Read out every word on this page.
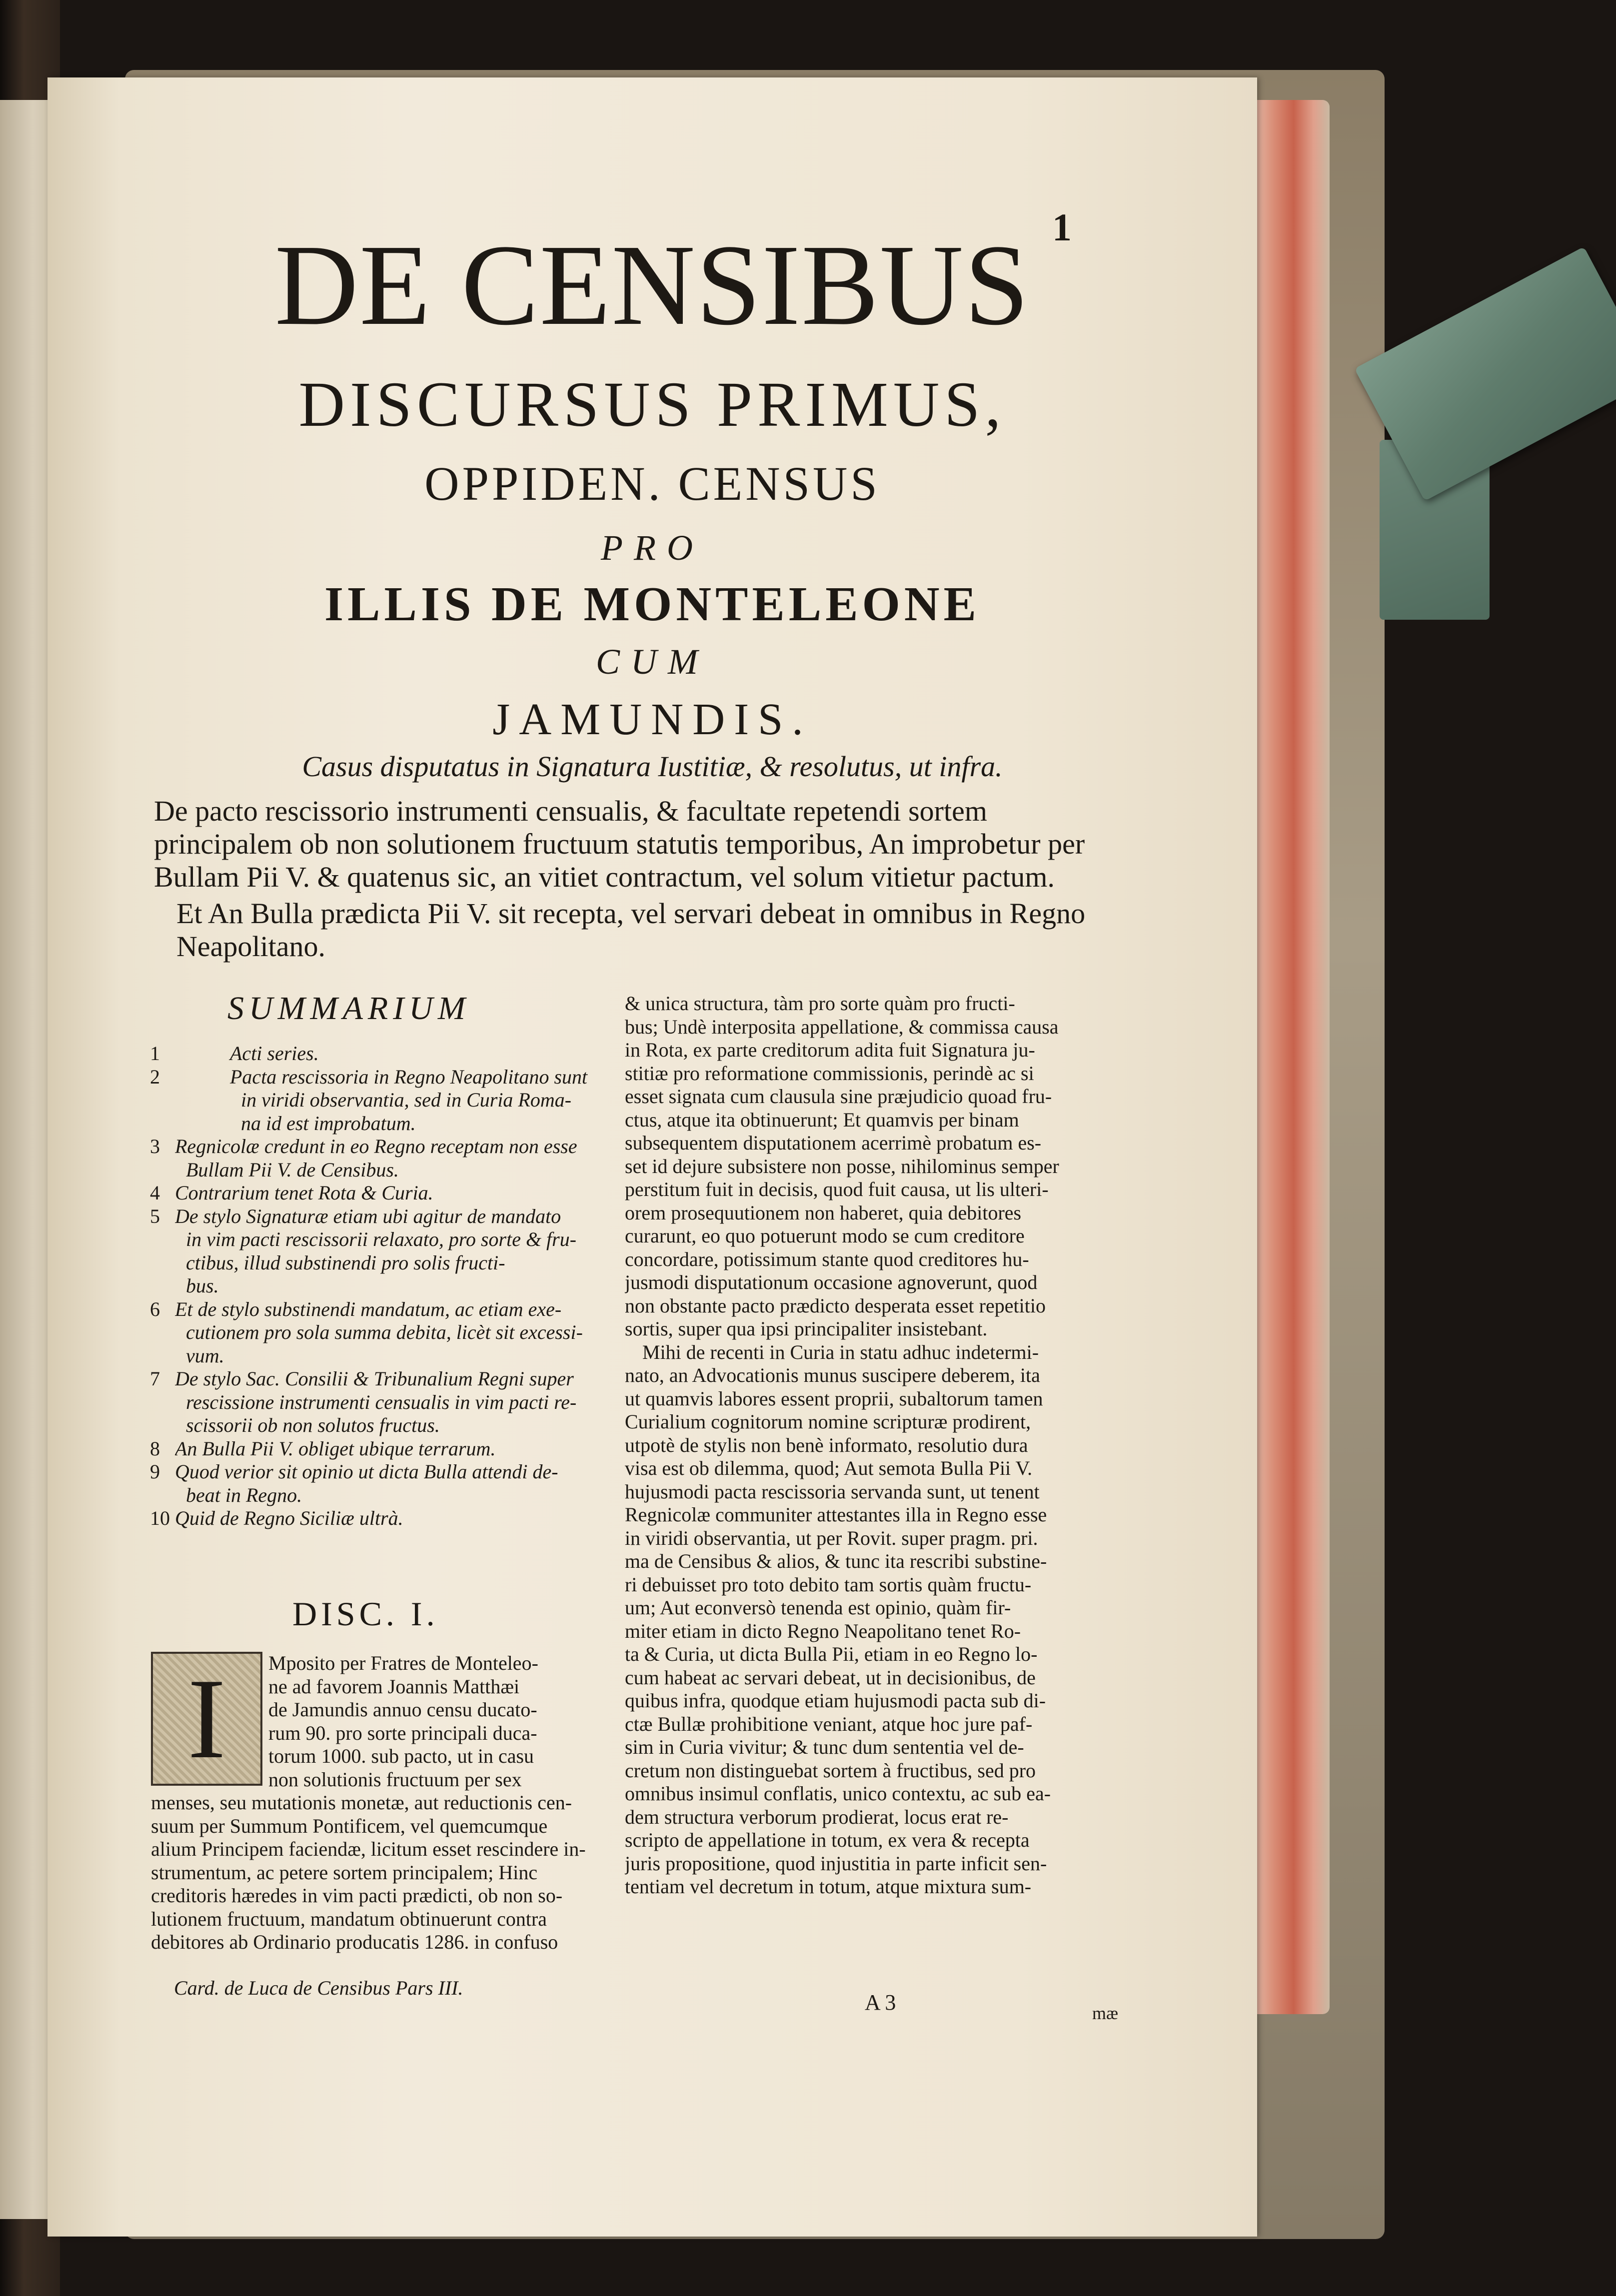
1
DE CENSIBUS
DISCURSUS PRIMUS,
OPPIDEN. CENSUS
PRO
ILLIS DE MONTELEONE
CUM
JAMUNDIS.
Casus disputatus in Signatura Iustitiæ, & resolutus, ut infra.
De pacto rescissorio instrumenti censualis, & facultate repetendi sortem principalem ob non solutionem fructuum statutis temporibus, An improbetur per Bullam Pii V. & quatenus sic, an vitiet contractum, vel solum vitietur pactum.
Et An Bulla prædicta Pii V. sit recepta, vel servari debeat in omnibus in Regno Neapolitano.
SUMMARIUM
1	Acti series.
2	Pacta rescissoria in Regno Neapolitano sunt
in viridi observantia, sed in Curia Roma-
na id est improbatum.
3 Regnicolæ credunt in eo Regno receptam non esse
Bullam Pii V. de Censibus.
4 Contrarium tenet Rota & Curia.
5 De stylo Signaturæ etiam ubi agitur de mandato
in vim pacti rescissorii relaxato, pro sorte & fru-
ctibus, illud substinendi pro solis fructi-
bus.
6 Et de stylo substinendi mandatum, ac etiam exe-
cutionem pro sola summa debita, licèt sit excessi-
vum.
7 De stylo Sac. Consilii & Tribunalium Regni super
rescissione instrumenti censualis in vim pacti re-
scissorii ob non solutos fructus.
8 An Bulla Pii V. obliget ubique terrarum.
9 Quod verior sit opinio ut dicta Bulla attendi de-
beat in Regno.
10 Quid de Regno Siciliæ ultrà.
DISC. I.
Mposito per Fratres de Monteleo-
ne ad favorem Joannis Matthæi
de Jamundis annuo censu ducato-
rum 90. pro sorte principali duca-
torum 1000. sub pacto, ut in casu
non solutionis fructuum per sex
menses, seu mutationis monetæ, aut reductionis cen-
suum per Summum Pontificem, vel quemcumque
alium Principem faciendæ, licitum esset rescindere in-
strumentum, ac petere sortem principalem; Hinc
creditoris hæredes in vim pacti prædicti, ob non so-
lutionem fructuum, mandatum obtinuerunt contra
debitores ab Ordinario producatis 1286. in confuso
I
& unica structura, tàm pro sorte quàm pro fructi-
bus; Undè interposita appellatione, & commissa causa
in Rota, ex parte creditorum adita fuit Signatura ju-
stitiæ pro reformatione commissionis, perindè ac si
esset signata cum clausula sine præjudicio quoad fru-
ctus, atque ita obtinuerunt; Et quamvis per binam
subsequentem disputationem acerrimè probatum es-
set id dejure subsistere non posse, nihilominus semper
perstitum fuit in decisis, quod fuit causa, ut lis ulteri-
orem prosequutionem non haberet, quia debitores
curarunt, eo quo potuerunt modo se cum creditore
concordare, potissimum stante quod creditores hu-
jusmodi disputationum occasione agnoverunt, quod
non obstante pacto prædicto desperata esset repetitio
sortis, super qua ipsi principaliter insistebant.
Mihi de recenti in Curia in statu adhuc indetermi-
nato, an Advocationis munus suscipere deberem, ita
ut quamvis labores essent proprii, subaltorum tamen
Curialium cognitorum nomine scripturæ prodirent,
utpotè de stylis non benè informato, resolutio dura
visa est ob dilemma, quod; Aut semota Bulla Pii V.
hujusmodi pacta rescissoria servanda sunt, ut tenent
Regnicolæ communiter attestantes illa in Regno esse
in viridi observantia, ut per Rovit. super pragm. pri.
ma de Censibus & alios, & tunc ita rescribi substine-
ri debuisset pro toto debito tam sortis quàm fructu-
um; Aut econversò tenenda est opinio, quàm fir-
miter etiam in dicto Regno Neapolitano tenet Ro-
ta & Curia, ut dicta Bulla Pii, etiam in eo Regno lo-
cum habeat ac servari debeat, ut in decisionibus, de
quibus infra, quodque etiam hujusmodi pacta sub di-
ctæ Bullæ prohibitione veniant, atque hoc jure paf-
sim in Curia vivitur; & tunc dum sententia vel de-
cretum non distinguebat sortem à fructibus, sed pro
omnibus insimul conflatis, unico contextu, ac sub ea-
dem structura verborum prodierat, locus erat re-
scripto de appellatione in totum, ex vera & recepta
juris propositione, quod injustitia in parte inficit sen-
tentiam vel decretum in totum, atque mixtura sum-
Card. de Luca de Censibus Pars III.
A 3	mæ
